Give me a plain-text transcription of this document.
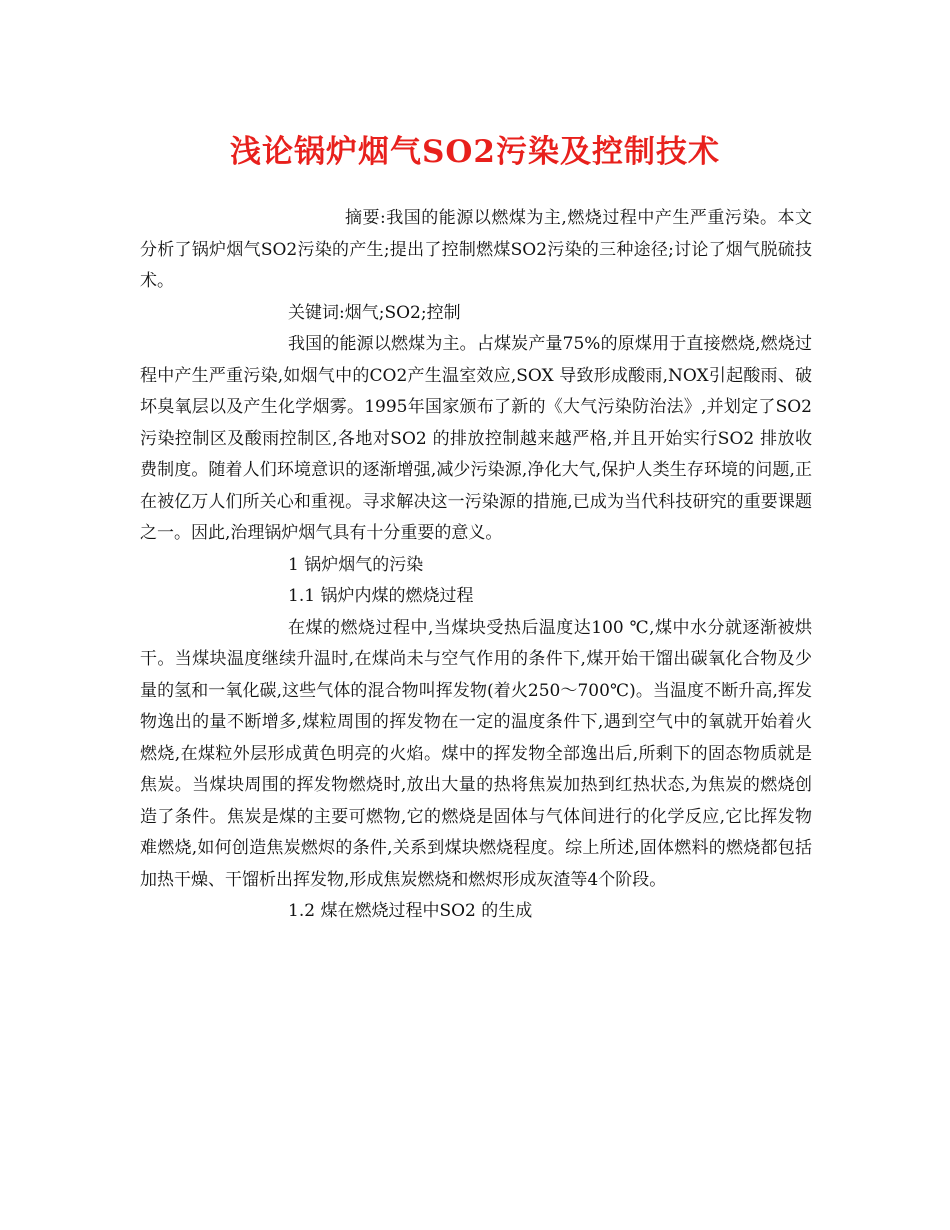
浅论锅炉烟气SO2污染及控制技术

摘要:我国的能源以燃煤为主,燃烧过程中产生严重污染。本文分析了锅炉烟气SO2污染的产生;提出了控制燃煤SO2污染的三种途径;讨论了烟气脱硫技术。

关键词:烟气;SO2;控制

我国的能源以燃煤为主。占煤炭产量75%的原煤用于直接燃烧,燃烧过程中产生严重污染,如烟气中的CO2产生温室效应,SOX 导致形成酸雨,NOX引起酸雨、破坏臭氧层以及产生化学烟雾。1995年国家颁布了新的《大气污染防治法》,并划定了SO2 污染控制区及酸雨控制区,各地对SO2 的排放控制越来越严格,并且开始实行SO2 排放收费制度。随着人们环境意识的逐渐增强,减少污染源,净化大气,保护人类生存环境的问题,正在被亿万人们所关心和重视。寻求解决这一污染源的措施,已成为当代科技研究的重要课题之一。因此,治理锅炉烟气具有十分重要的意义。

1 锅炉烟气的污染

1.1 锅炉内煤的燃烧过程

在煤的燃烧过程中,当煤块受热后温度达100 ℃,煤中水分就逐渐被烘干。当煤块温度继续升温时,在煤尚未与空气作用的条件下,煤开始干馏出碳氧化合物及少量的氢和一氧化碳,这些气体的混合物叫挥发物(着火250～700℃)。当温度不断升高,挥发物逸出的量不断增多,煤粒周围的挥发物在一定的温度条件下,遇到空气中的氧就开始着火燃烧,在煤粒外层形成黄色明亮的火焰。煤中的挥发物全部逸出后,所剩下的固态物质就是焦炭。当煤块周围的挥发物燃烧时,放出大量的热将焦炭加热到红热状态,为焦炭的燃烧创造了条件。焦炭是煤的主要可燃物,它的燃烧是固体与气体间进行的化学反应,它比挥发物难燃烧,如何创造焦炭燃烬的条件,关系到煤块燃烧程度。综上所述,固体燃料的燃烧都包括加热干燥、干馏析出挥发物,形成焦炭燃烧和燃烬形成灰渣等4个阶段。

1.2 煤在燃烧过程中SO2 的生成
